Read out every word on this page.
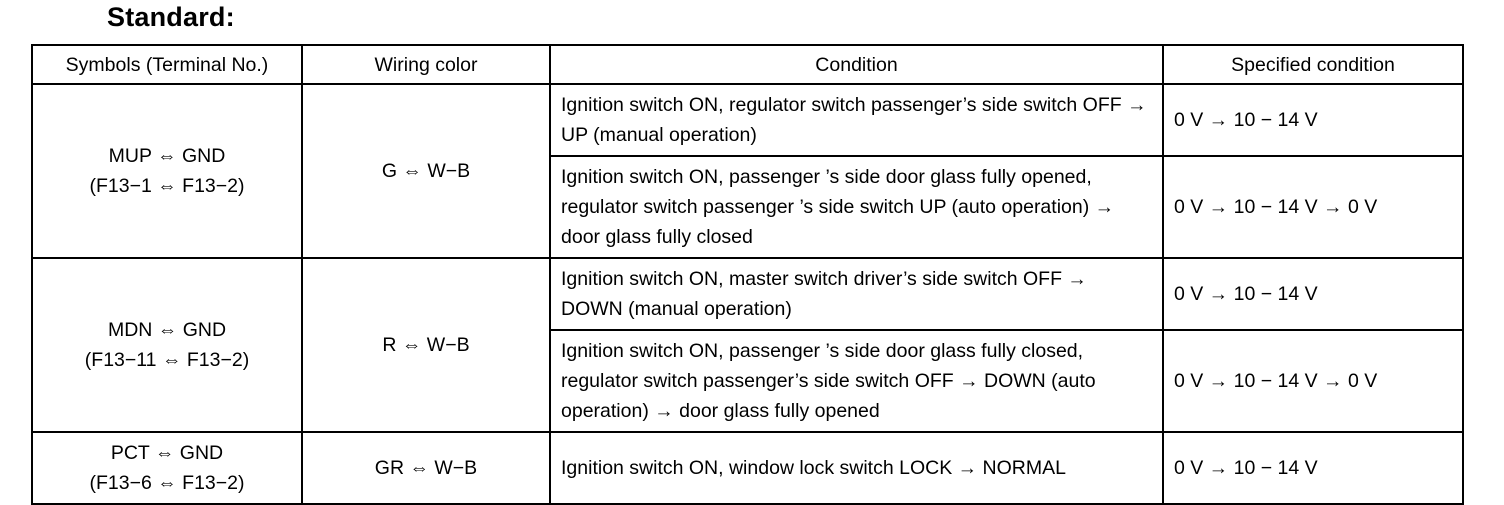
Standard:
Symbols (Terminal No.)	Wiring color	Condition	Specified condition

MUP ⇔ GND
(F13−1 ⇔ F13−2)	G ⇔ W−B	Ignition switch ON, regulator switch passenger’s side switch OFF → UP (manual operation)	0 V → 10 − 14 V
		Ignition switch ON, passenger ’s side door glass fully opened, regulator switch passenger ’s side switch UP (auto operation) → door glass fully closed	0 V → 10 − 14 V → 0 V

MDN ⇔ GND
(F13−11 ⇔ F13−2)	R ⇔ W−B	Ignition switch ON, master switch driver’s side switch OFF → DOWN (manual operation)	0 V → 10 − 14 V
		Ignition switch ON, passenger ’s side door glass fully closed, regulator switch passenger’s side switch OFF → DOWN (auto operation) → door glass fully opened	0 V → 10 − 14 V → 0 V

PCT ⇔ GND
(F13−6 ⇔ F13−2)	GR ⇔ W−B	Ignition switch ON, window lock switch LOCK → NORMAL	0 V → 10 − 14 V
